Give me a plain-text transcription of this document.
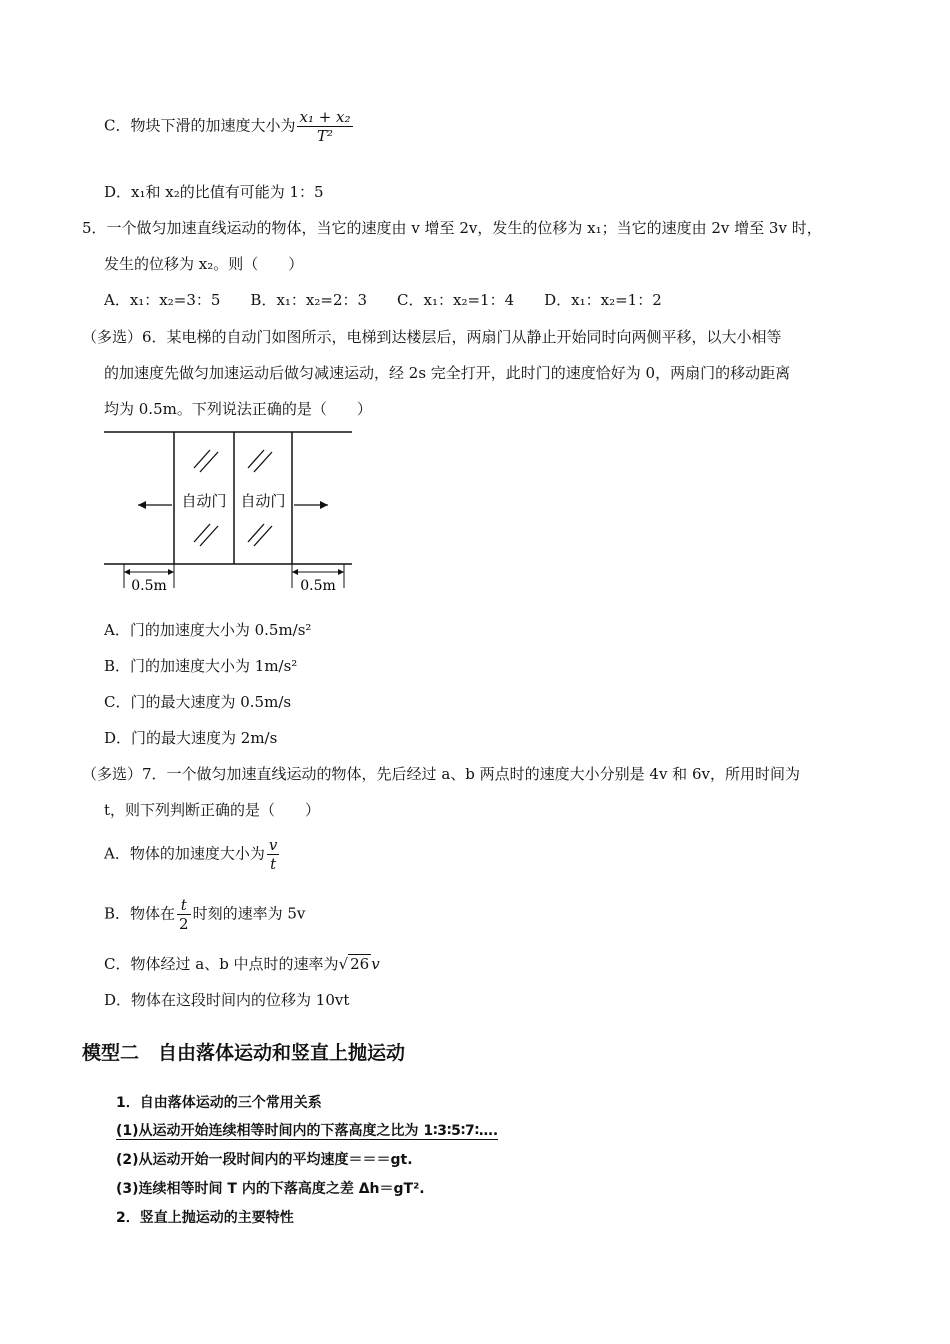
C．物块下滑的加速度大小为 $\frac{\text{x₁ + x₂}}{\text{T²}}$
D．x₁和 x₂的比值有可能为 1：5
5．一个做匀加速直线运动的物体，当它的速度由 v 增至 2v，发生的位移为 x₁；当它的速度由 2v 增至 3v 时，
发生的位移为 x₂。则（　　）
A．x₁：x₂=3：5　　B．x₁：x₂=2：3　　C．x₁：x₂=1：4　　D．x₁：x₂=1：2
（多选）6．某电梯的自动门如图所示，电梯到达楼层后，两扇门从静止开始同时向两侧平移，以大小相等
的加速度先做匀加速运动后做匀减速运动，经 2s 完全打开，此时门的速度恰好为 0，两扇门的移动距离
均为 0.5m。下列说法正确的是（　　）
自动门 自动门
0.5m	0.5m
A．门的加速度大小为 0.5m/s²
B．门的加速度大小为 1m/s²
C．门的最大速度为 0.5m/s
D．门的最大速度为 2m/s
（多选）7．一个做匀加速直线运动的物体，先后经过 a、b 两点时的速度大小分别是 4v 和 6v，所用时间为
t，则下列判断正确的是（　　）
A．物体的加速度大小为 $\frac{v}{t}$
B．物体在 $\frac{t}{2}$ 时刻的速率为 5v
C．物体经过 a、b 中点时的速率为√ 26 v
D．物体在这段时间内的位移为 10vt
模型二　自由落体运动和竖直上抛运动
1．自由落体运动的三个常用关系
(1)从运动开始连续相等时间内的下落高度之比为 1∶3∶5∶7∶….
(2)从运动开始一段时间内的平均速度＝＝＝gt.
(3)连续相等时间 T 内的下落高度之差 Δh＝gT².
2．竖直上抛运动的主要特性
